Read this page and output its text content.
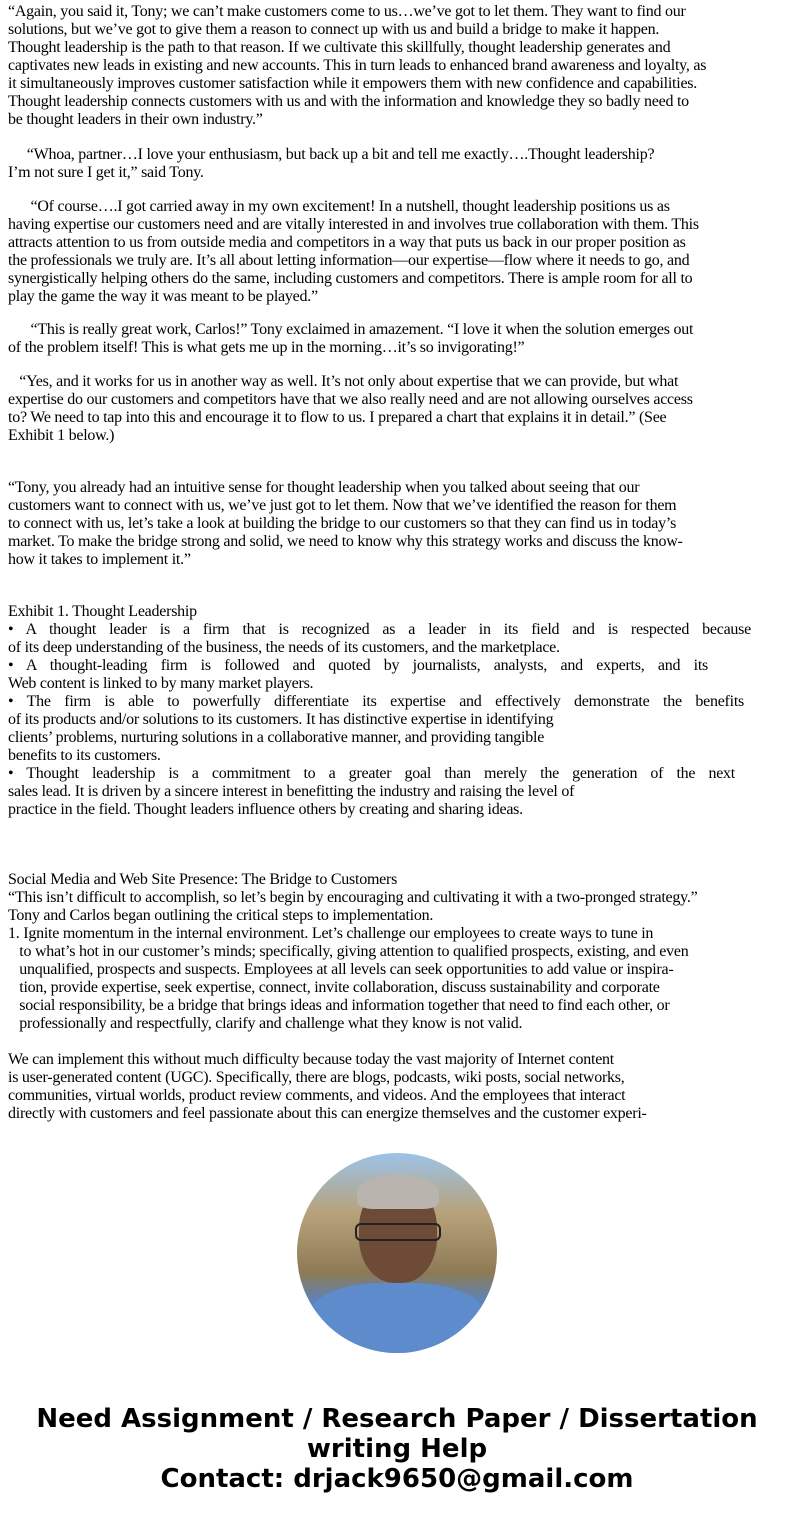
“Again, you said it, Tony; we can’t make customers come to us…we’ve got to let them. They want to find our
solutions, but we’ve got to give them a reason to connect up with us and build a bridge to make it happen.
Thought leadership is the path to that reason. If we cultivate this skillfully, thought leadership generates and
captivates new leads in existing and new accounts. This in turn leads to enhanced brand awareness and loyalty, as
it simultaneously improves customer satisfaction while it empowers them with new confidence and capabilities.
Thought leadership connects customers with us and with the information and knowledge they so badly need to
be thought leaders in their own industry.”
“Whoa, partner…I love your enthusiasm, but back up a bit and tell me exactly….Thought leadership?
I’m not sure I get it,” said Tony.
“Of course….I got carried away in my own excitement! In a nutshell, thought leadership positions us as
having expertise our customers need and are vitally interested in and involves true collaboration with them. This
attracts attention to us from outside media and competitors in a way that puts us back in our proper position as
the professionals we truly are. It’s all about letting information—our expertise—flow where it needs to go, and
synergistically helping others do the same, including customers and competitors. There is ample room for all to
play the game the way it was meant to be played.”
“This is really great work, Carlos!” Tony exclaimed in amazement. “I love it when the solution emerges out
of the problem itself! This is what gets me up in the morning…it’s so invigorating!”
“Yes, and it works for us in another way as well. It’s not only about expertise that we can provide, but what
expertise do our customers and competitors have that we also really need and are not allowing ourselves access
to? We need to tap into this and encourage it to flow to us. I prepared a chart that explains it in detail.” (See
Exhibit 1 below.)
“Tony, you already had an intuitive sense for thought leadership when you talked about seeing that our
customers want to connect with us, we’ve just got to let them. Now that we’ve identified the reason for them
to connect with us, let’s take a look at building the bridge to our customers so that they can find us in today’s
market. To make the bridge strong and solid, we need to know why this strategy works and discuss the know-
how it takes to implement it.”
Exhibit 1. Thought Leadership
• A thought leader is a firm that is recognized as a leader in its field and is respected because
of its deep understanding of the business, the needs of its customers, and the marketplace.
• A thought-leading firm is followed and quoted by journalists, analysts, and experts, and its
Web content is linked to by many market players.
• The firm is able to powerfully differentiate its expertise and effectively demonstrate the benefits
of its products and/or solutions to its customers. It has distinctive expertise in identifying
clients’ problems, nurturing solutions in a collaborative manner, and providing tangible
benefits to its customers.
• Thought leadership is a commitment to a greater goal than merely the generation of the next
sales lead. It is driven by a sincere interest in benefitting the industry and raising the level of
practice in the field. Thought leaders influence others by creating and sharing ideas.
Social Media and Web Site Presence: The Bridge to Customers
“This isn’t difficult to accomplish, so let’s begin by encouraging and cultivating it with a two-pronged strategy.”
Tony and Carlos began outlining the critical steps to implementation.
1. Ignite momentum in the internal environment. Let’s challenge our employees to create ways to tune in
to what’s hot in our customer’s minds; specifically, giving attention to qualified prospects, existing, and even
unqualified, prospects and suspects. Employees at all levels can seek opportunities to add value or inspira-
tion, provide expertise, seek expertise, connect, invite collaboration, discuss sustainability and corporate
social responsibility, be a bridge that brings ideas and information together that need to find each other, or
professionally and respectfully, clarify and challenge what they know is not valid.
We can implement this without much difficulty because today the vast majority of Internet content
is user-generated content (UGC). Specifically, there are blogs, podcasts, wiki posts, social networks,
communities, virtual worlds, product review comments, and videos. And the employees that interact
directly with customers and feel passionate about this can energize themselves and the customer experi-
Need Assignment / Research Paper / Dissertation
writing Help
Contact: drjack9650@gmail.com
